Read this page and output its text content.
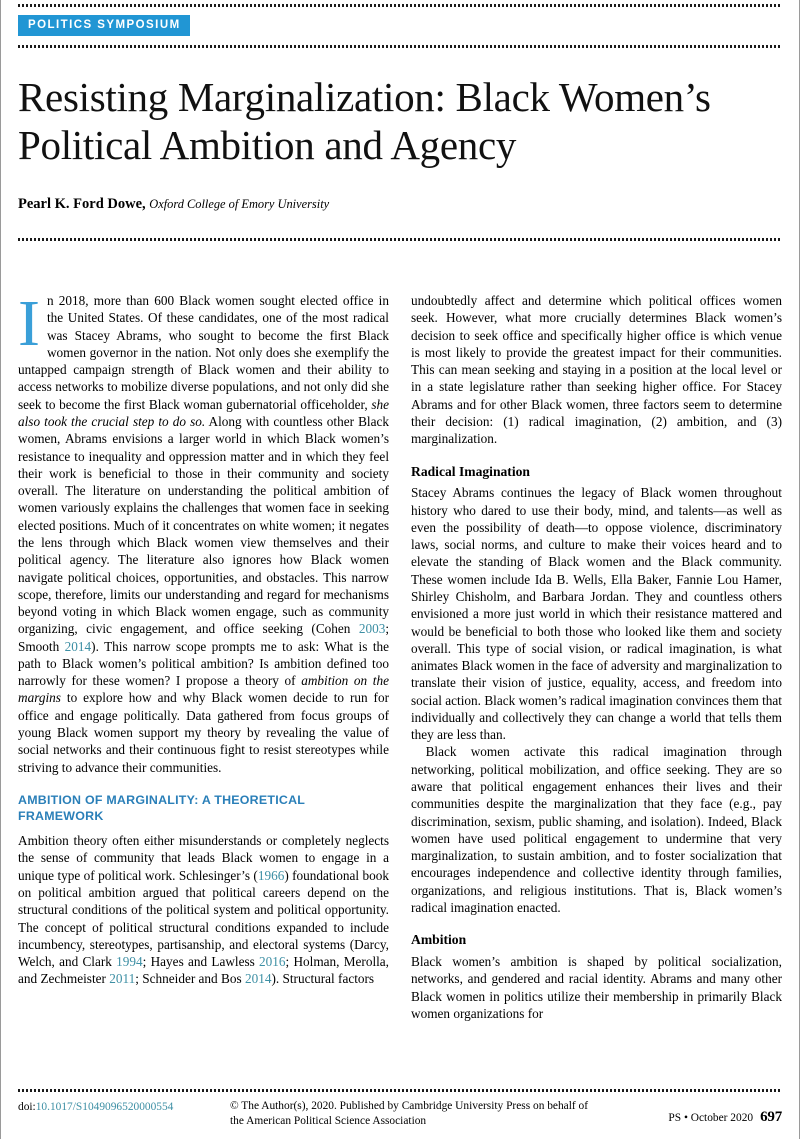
POLITICS SYMPOSIUM
Resisting Marginalization: Black Women’s Political Ambition and Agency
Pearl K. Ford Dowe, Oxford College of Emory University

In 2018, more than 600 Black women sought elected office in the United States. Of these candidates, one of the most radical was Stacey Abrams, who sought to become the first Black women governor in the nation. Not only does she exemplify the untapped campaign strength of Black women and their ability to access networks to mobilize diverse populations, and not only did she seek to become the first Black woman gubernatorial officeholder, she also took the crucial step to do so. Along with countless other Black women, Abrams envisions a larger world in which Black women’s resistance to inequality and oppression matter and in which they feel their work is beneficial to those in their community and society overall. The literature on understanding the political ambition of women variously explains the challenges that women face in seeking elected positions. Much of it concentrates on white women; it negates the lens through which Black women view themselves and their political agency. The literature also ignores how Black women navigate political choices, opportunities, and obstacles. This narrow scope, therefore, limits our understanding and regard for mechanisms beyond voting in which Black women engage, such as community organizing, civic engagement, and office seeking (Cohen 2003; Smooth 2014). This narrow scope prompts me to ask: What is the path to Black women’s political ambition? Is ambition defined too narrowly for these women? I propose a theory of ambition on the margins to explore how and why Black women decide to run for office and engage politically. Data gathered from focus groups of young Black women support my theory by revealing the value of social networks and their continuous fight to resist stereotypes while striving to advance their communities.

AMBITION OF MARGINALITY: A THEORETICAL FRAMEWORK

Ambition theory often either misunderstands or completely neglects the sense of community that leads Black women to engage in a unique type of political work. Schlesinger’s (1966) foundational book on political ambition argued that political careers depend on the structural conditions of the political system and political opportunity. The concept of political structural conditions expanded to include incumbency, stereotypes, partisanship, and electoral systems (Darcy, Welch, and Clark 1994; Hayes and Lawless 2016; Holman, Merolla, and Zechmeister 2011; Schneider and Bos 2014). Structural factors

undoubtedly affect and determine which political offices women seek. However, what more crucially determines Black women’s decision to seek office and specifically higher office is which venue is most likely to provide the greatest impact for their communities. This can mean seeking and staying in a position at the local level or in a state legislature rather than seeking higher office. For Stacey Abrams and for other Black women, three factors seem to determine their decision: (1) radical imagination, (2) ambition, and (3) marginalization.

Radical Imagination

Stacey Abrams continues the legacy of Black women throughout history who dared to use their body, mind, and talents—as well as even the possibility of death—to oppose violence, discriminatory laws, social norms, and culture to make their voices heard and to elevate the standing of Black women and the Black community. These women include Ida B. Wells, Ella Baker, Fannie Lou Hamer, Shirley Chisholm, and Barbara Jordan. They and countless others envisioned a more just world in which their resistance mattered and would be beneficial to both those who looked like them and society overall. This type of social vision, or radical imagination, is what animates Black women in the face of adversity and marginalization to translate their vision of justice, equality, access, and freedom into social action. Black women’s radical imagination convinces them that individually and collectively they can change a world that tells them they are less than.

Black women activate this radical imagination through networking, political mobilization, and office seeking. They are so aware that political engagement enhances their lives and their communities despite the marginalization that they face (e.g., pay discrimination, sexism, public shaming, and isolation). Indeed, Black women have used political engagement to undermine that very marginalization, to sustain ambition, and to foster socialization that encourages independence and collective identity through families, organizations, and religious institutions. That is, Black women’s radical imagination enacted.

Ambition

Black women’s ambition is shaped by political socialization, networks, and gendered and racial identity. Abrams and many other Black women in politics utilize their membership in primarily Black women organizations for

doi:10.1017/S1049096520000554	© The Author(s), 2020. Published by Cambridge University Press on behalf of
the American Political Science Association	PS • October 2020 697
